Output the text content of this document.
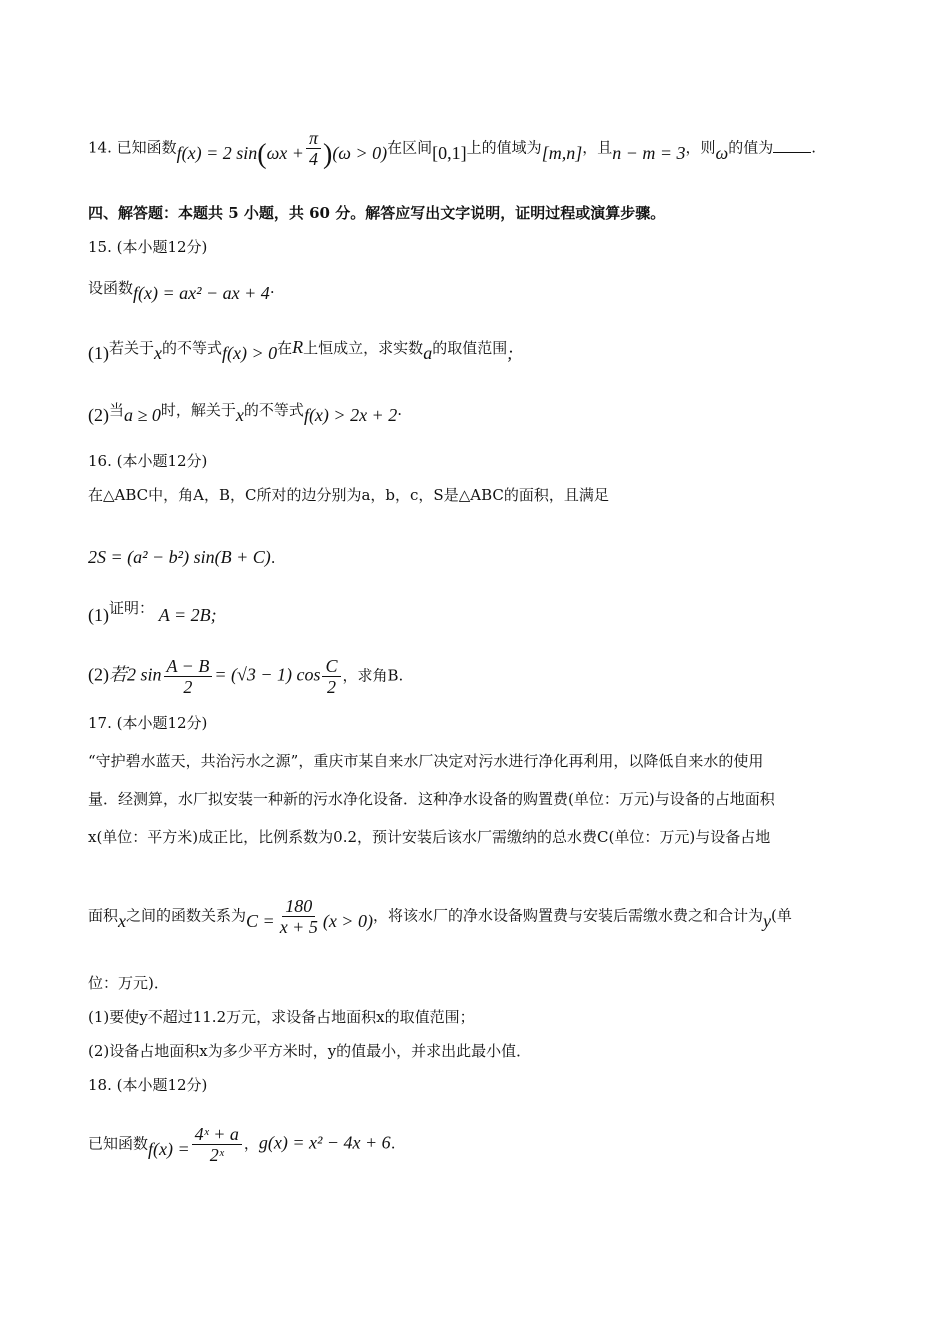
14. 已知函数f(x) = 2 $\sin(\omega x + \frac{\pi}{4} )(\omega > 0)$在区间[0,1]上的值域为[m,n]，且n − m = 3，则ω的值为	.
四、解答题：本题共 5 小题，共 60 分。解答应写出文字说明，证明过程或演算步骤。
15. (本小题12分)
设函数f(x) = ax² − ax + 4.
(1)若关于x的不等式f(x) > 0在R上恒成立，求实数a的取值范围;
(2)当a ≥ 0时，解关于x的不等式f(x) > 2x + 2.
16. (本小题12分)
在△ABC中，角A，B，C所对的边分别为a，b，c，S是△ABC的面积，且满足
2S = (a² − b²) sin(B + C).
(1)证明： A = 2B;
(2)若2 $\sin \frac{A - B}{2} = (√3 - 1)$ $\cos \frac{C}{2}$ ，求角B.
17. (本小题12分)
“守护碧水蓝天，共治污水之源”，重庆市某自来水厂决定对污水进行净化再利用，以降低自来水的使用
量．经测算，水厂拟安装一种新的污水净化设备．这种净水设备的购置费(单位：万元)与设备的占地面积
x(单位：平方米)成正比，比例系数为0.2，预计安装后该水厂需缴纳的总水费C(单位：万元)与设备占地
面积x之间的函数关系为$C = \frac{180}{x + 5} (x > 0)$，将该水厂的净水设备购置费与安装后需缴水费之和合计为y(单
位：万元)．
(1)要使y不超过11.2万元，求设备占地面积x的取值范围；
(2)设备占地面积x为多少平方米时，y的值最小，并求出此最小值．
18. (本小题12分)
已知函数$f(x) = \frac{\text{4ˣ + a}}{\text{2ˣ}}$ ，g(x) = x² − 4x + 6.
